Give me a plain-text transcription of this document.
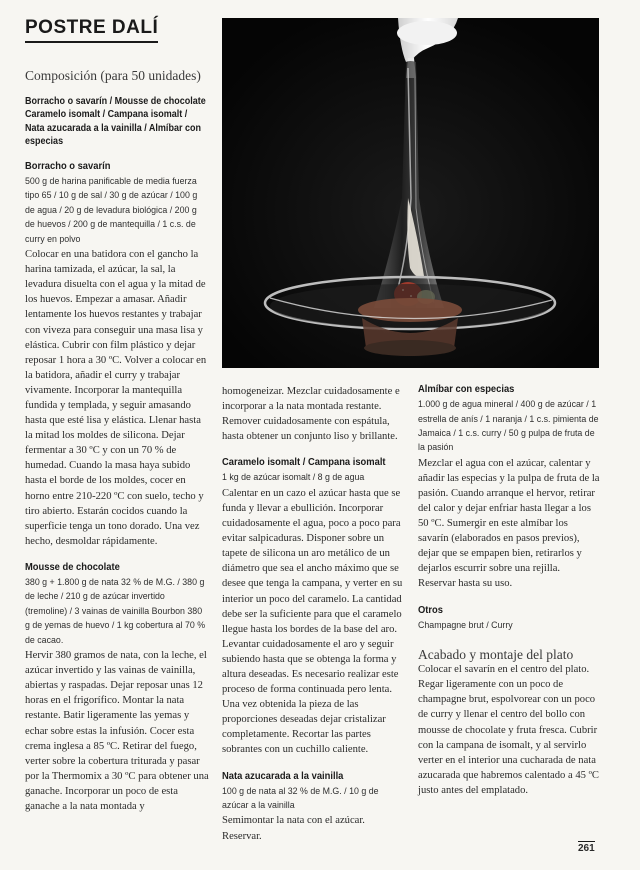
POSTRE DALÍ
Composición (para 50 unidades)

Borracho o savarín / Mousse de chocolate Caramelo isomalt / Campana isomalt / Nata azucarada a la vainilla / Almíbar con especias

Borracho o savarín

500 g de harina panificable de media fuerza tipo 65 / 10 g de sal / 30 g de azúcar / 100 g de agua / 20 g de levadura biológica / 200 g de huevos / 200 g de mantequilla / 1 c.s. de curry en polvo

Colocar en una batidora con el gancho la harina tamizada, el azúcar, la sal, la levadura disuelta con el agua y la mitad de los huevos. Empezar a amasar. Añadir lentamente los huevos restantes y trabajar con viveza para conseguir una masa lisa y elástica. Cubrir con film plástico y dejar reposar 1 hora a 30 ºC. Volver a colocar en la batidora, añadir el curry y trabajar vivamente. Incorporar la mantequilla fundida y templada, y seguir amasando hasta que esté lisa y elástica. Llenar hasta la mitad los moldes de silicona. Dejar fermentar a 30 ºC y con un 70 % de humedad. Cuando la masa haya subido hasta el borde de los moldes, cocer en horno entre 210-220 ºC con suelo, techo y tiro abierto. Estarán cocidos cuando la superficie tenga un tono dorado. Una vez hecho, desmoldar rápidamente.

Mousse de chocolate

380 g + 1.800 g de nata 32 % de M.G. / 380 g de leche / 210 g de azúcar invertido (tremoline) / 3 vainas de vainilla Bourbon 380 g de yemas de huevo / 1 kg cobertura al 70 % de cacao.

Hervir 380 gramos de nata, con la leche, el azúcar invertido y las vainas de vainilla, abiertas y raspadas. Dejar reposar unas 12 horas en el frigorífico. Montar la nata restante. Batir ligeramente las yemas y echar sobre estas la infusión. Cocer esta crema inglesa a 85 ºC. Retirar del fuego, verter sobre la cobertura triturada y pasar por la Thermomix a 30 ºC para obtener una ganache. Incorporar un poco de esta ganache a la nata montada y

homogeneizar. Mezclar cuidadosamente e incorporar a la nata montada restante. Remover cuidadosamente con espátula, hasta obtener un conjunto liso y brillante.

Caramelo isomalt / Campana isomalt

1 kg de azúcar isomalt / 8 g de agua

Calentar en un cazo el azúcar hasta que se funda y llevar a ebullición. Incorporar cuidadosamente el agua, poco a poco para evitar salpicaduras. Disponer sobre un tapete de silicona un aro metálico de un diámetro que sea el ancho máximo que se desee que tenga la campana, y verter en su interior un poco del caramelo. La cantidad debe ser la suficiente para que el caramelo llegue hasta los bordes de la base del aro. Levantar cuidadosamente el aro y seguir subiendo hasta que se obtenga la forma y altura deseadas. Es necesario realizar este proceso de forma continuada pero lenta. Una vez obtenida la pieza de las proporciones deseadas dejar cristalizar completamente. Recortar las partes sobrantes con un cuchillo caliente.

Nata azucarada a la vainilla

100 g de nata al 32 % de M.G. / 10 g de azúcar a la vainilla

Semimontar la nata con el azúcar. Reservar.

Almíbar con especias

1.000 g de agua mineral / 400 g de azúcar / 1 estrella de anís / 1 naranja / 1 c.s. pimienta de Jamaica / 1 c.s. curry / 50 g pulpa de fruta de la pasión

Mezclar el agua con el azúcar, calentar y añadir las especias y la pulpa de fruta de la pasión. Cuando arranque el hervor, retirar del calor y dejar enfriar hasta llegar a los 50 ºC. Sumergir en este almíbar los savarín (elaborados en pasos previos), dejar que se empapen bien, retirarlos y dejarlos escurrir sobre una rejilla. Reservar hasta su uso.

Otros

Champagne brut / Curry

Acabado y montaje del plato

Colocar el savarín en el centro del plato. Regar ligeramente con un poco de champagne brut, espolvorear con un poco de curry y llenar el centro del bollo con mousse de chocolate y fruta fresca. Cubrir con la campana de isomalt, y al servirlo verter en el interior una cucharada de nata azucarada que habremos calentado a 45 ºC justo antes del emplatado.

261
